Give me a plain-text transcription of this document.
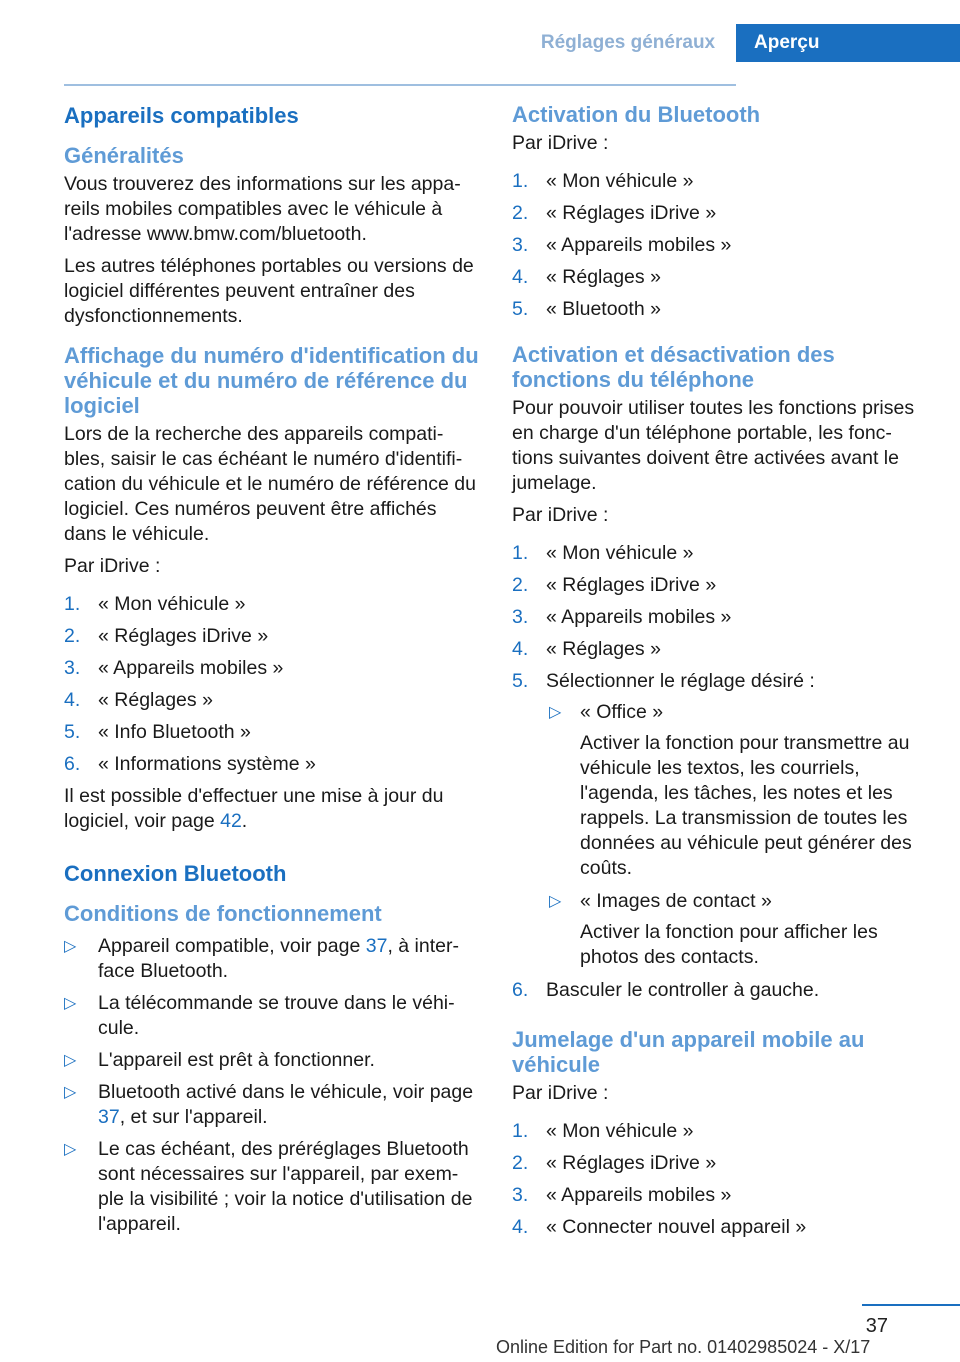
Réglages généraux	Aperçu
Appareils compatibles
Généralités

Vous trouverez des informations sur les appa-reils mobiles compatibles avec le véhicule à l'adresse www.bmw.com/bluetooth.

Les autres téléphones portables ou versions de logiciel différentes peuvent entraîner des dysfonctionnements.

Affichage du numéro d'identification du véhicule et du numéro de référence du logiciel

Lors de la recherche des appareils compati-bles, saisir le cas échéant le numéro d'identifi-cation du véhicule et le numéro de référence du logiciel. Ces numéros peuvent être affichés dans le véhicule.

Par iDrive :

1. « Mon véhicule »
2. « Réglages iDrive »
3. « Appareils mobiles »
4. « Réglages »
5. « Info Bluetooth »
6. « Informations système »

Il est possible d'effectuer une mise à jour du logiciel, voir page 42.

Connexion Bluetooth
Conditions de fonctionnement
▷ Appareil compatible, voir page 37, à inter-face Bluetooth.
▷ La télécommande se trouve dans le véhi-cule.
▷ L'appareil est prêt à fonctionner.
▷ Bluetooth activé dans le véhicule, voir page 37, et sur l'appareil.
▷ Le cas échéant, des préréglages Bluetooth sont nécessaires sur l'appareil, par exem-ple la visibilité ; voir la notice d'utilisation de l'appareil.
Activation du Bluetooth

Par iDrive :

1. « Mon véhicule »
2. « Réglages iDrive »
3. « Appareils mobiles »
4. « Réglages »
5. « Bluetooth »
Activation et désactivation des fonctions du téléphone

Pour pouvoir utiliser toutes les fonctions prises en charge d'un téléphone portable, les fonc-tions suivantes doivent être activées avant le jumelage.

Par iDrive :

1. « Mon véhicule »
2. « Réglages iDrive »
3. « Appareils mobiles »
4. « Réglages »
5. Sélectionner le réglage désiré :
▷ « Office »
Activer la fonction pour transmettre au véhicule les textos, les courriels, l'agenda, les tâches, les notes et les rappels. La transmission de toutes les données au véhicule peut générer des coûts.
▷ « Images de contact »
Activer la fonction pour afficher les photos des contacts.
6. Basculer le controller à gauche.
Jumelage d'un appareil mobile au véhicule

Par iDrive :

1. « Mon véhicule »
2. « Réglages iDrive »
3. « Appareils mobiles »
4. « Connecter nouvel appareil »
37
Online Edition for Part no. 01402985024 - X/17
